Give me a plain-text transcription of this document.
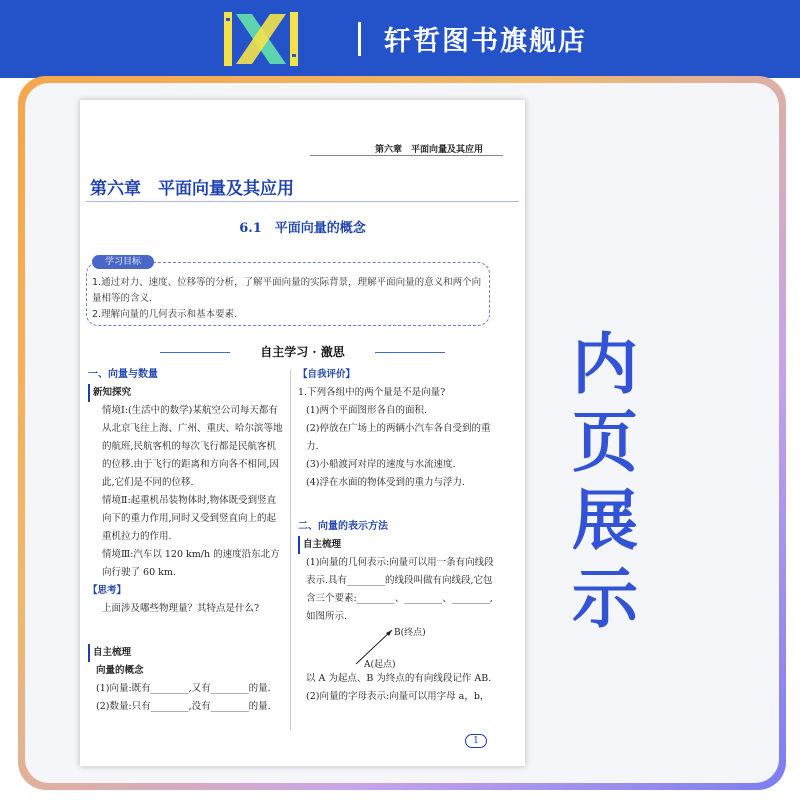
轩哲图书旗舰店
第六章　平面向量及其应用
第六章　平面向量及其应用
6.1　平面向量的概念
学习目标
1.通过对力、速度、位移等的分析，了解平面向量的实际背景，理解平面向量的意义和两个向量相等的含义.
2.理解向量的几何表示和基本要素.
自主学习 · 激思
一、向量与数量
新知探究
情境Ⅰ:(生活中的数学)某航空公司每天都有从北京飞往上海、广州、重庆、哈尔滨等地的航班,民航客机的每次飞行都是民航客机的位移.由于飞行的距离和方向各不相同,因此,它们是不同的位移.
情境Ⅱ:起重机吊装物体时,物体既受到竖直向下的重力作用,同时又受到竖直向上的起重机拉力的作用.
情境Ⅲ:汽车以 120 km/h 的速度沿东北方向行驶了 60 km.
【思考】
上面涉及哪些物理量？其特点是什么?
自主梳理
向量的概念
(1)向量:既有________,又有________的量.
(2)数量:只有________,没有________的量.
【自我评价】
1.下列各组中的两个量是不是向量?
(1)两个平面图形各自的面积.
(2)停放在广场上的两辆小汽车各自受到的重力.
(3)小船渡河对岸的速度与水流速度.
(4)浮在水面的物体受到的重力与浮力.
二、向量的表示方法
自主梳理
(1)向量的几何表示:向量可以用一条有向线段表示.具有________的线段叫做有向线段,它包含三个要素:________、________、________,如图所示.
B(终点)
A(起点)
以 A 为起点、B 为终点的有向线段记作 AB.
(2)向量的字母表示:向量可以用字母 a，b，
1
内 页
展 示
